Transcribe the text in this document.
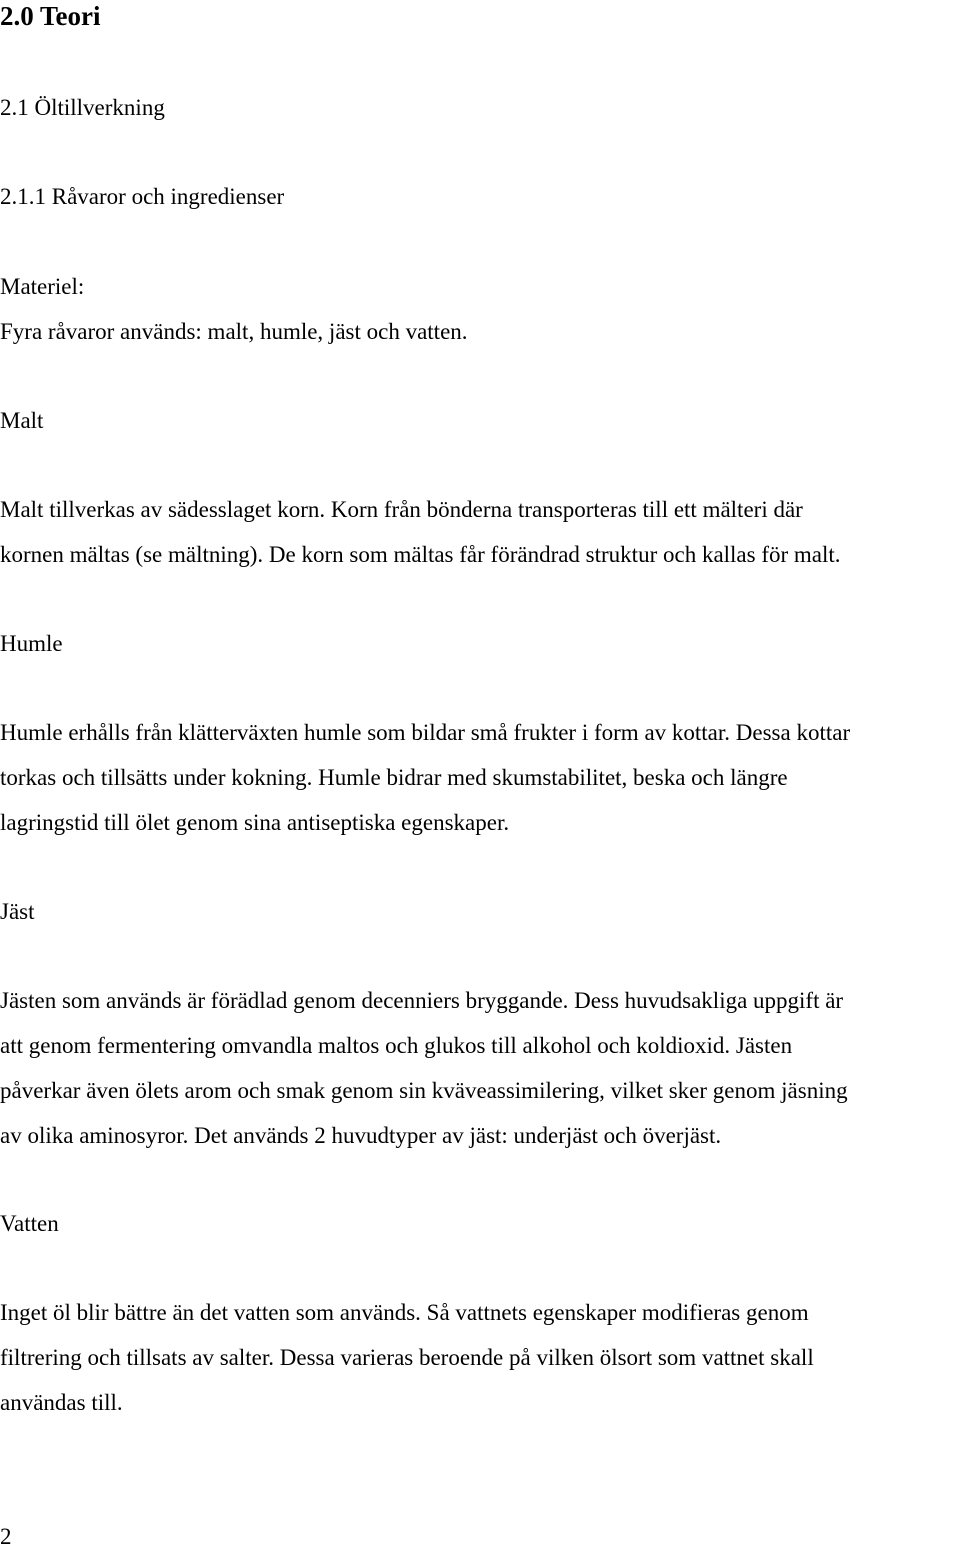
2.0 Teori

2.1 Öltillverkning

2.1.1 Råvaror och ingredienser

Materiel:

Fyra råvaror används: malt, humle, jäst och vatten.

Malt

Malt tillverkas av sädesslaget korn. Korn från bönderna transporteras till ett mälteri där

kornen mältas (se mältning). De korn som mältas får förändrad struktur och kallas för malt.

Humle

Humle erhålls från klätterväxten humle som bildar små frukter i form av kottar. Dessa kottar

torkas och tillsätts under kokning. Humle bidrar med skumstabilitet, beska och längre

lagringstid till ölet genom sina antiseptiska egenskaper.

Jäst

Jästen som används är förädlad genom decenniers bryggande. Dess huvudsakliga uppgift är

att genom fermentering omvandla maltos och glukos till alkohol och koldioxid. Jästen

påverkar även ölets arom och smak genom sin kväveassimilering, vilket sker genom jäsning

av olika aminosyror. Det används 2 huvudtyper av jäst: underjäst och överjäst.

Vatten

Inget öl blir bättre än det vatten som används. Så vattnets egenskaper modifieras genom

filtrering och tillsats av salter. Dessa varieras beroende på vilken ölsort som vattnet skall

användas till.

2
